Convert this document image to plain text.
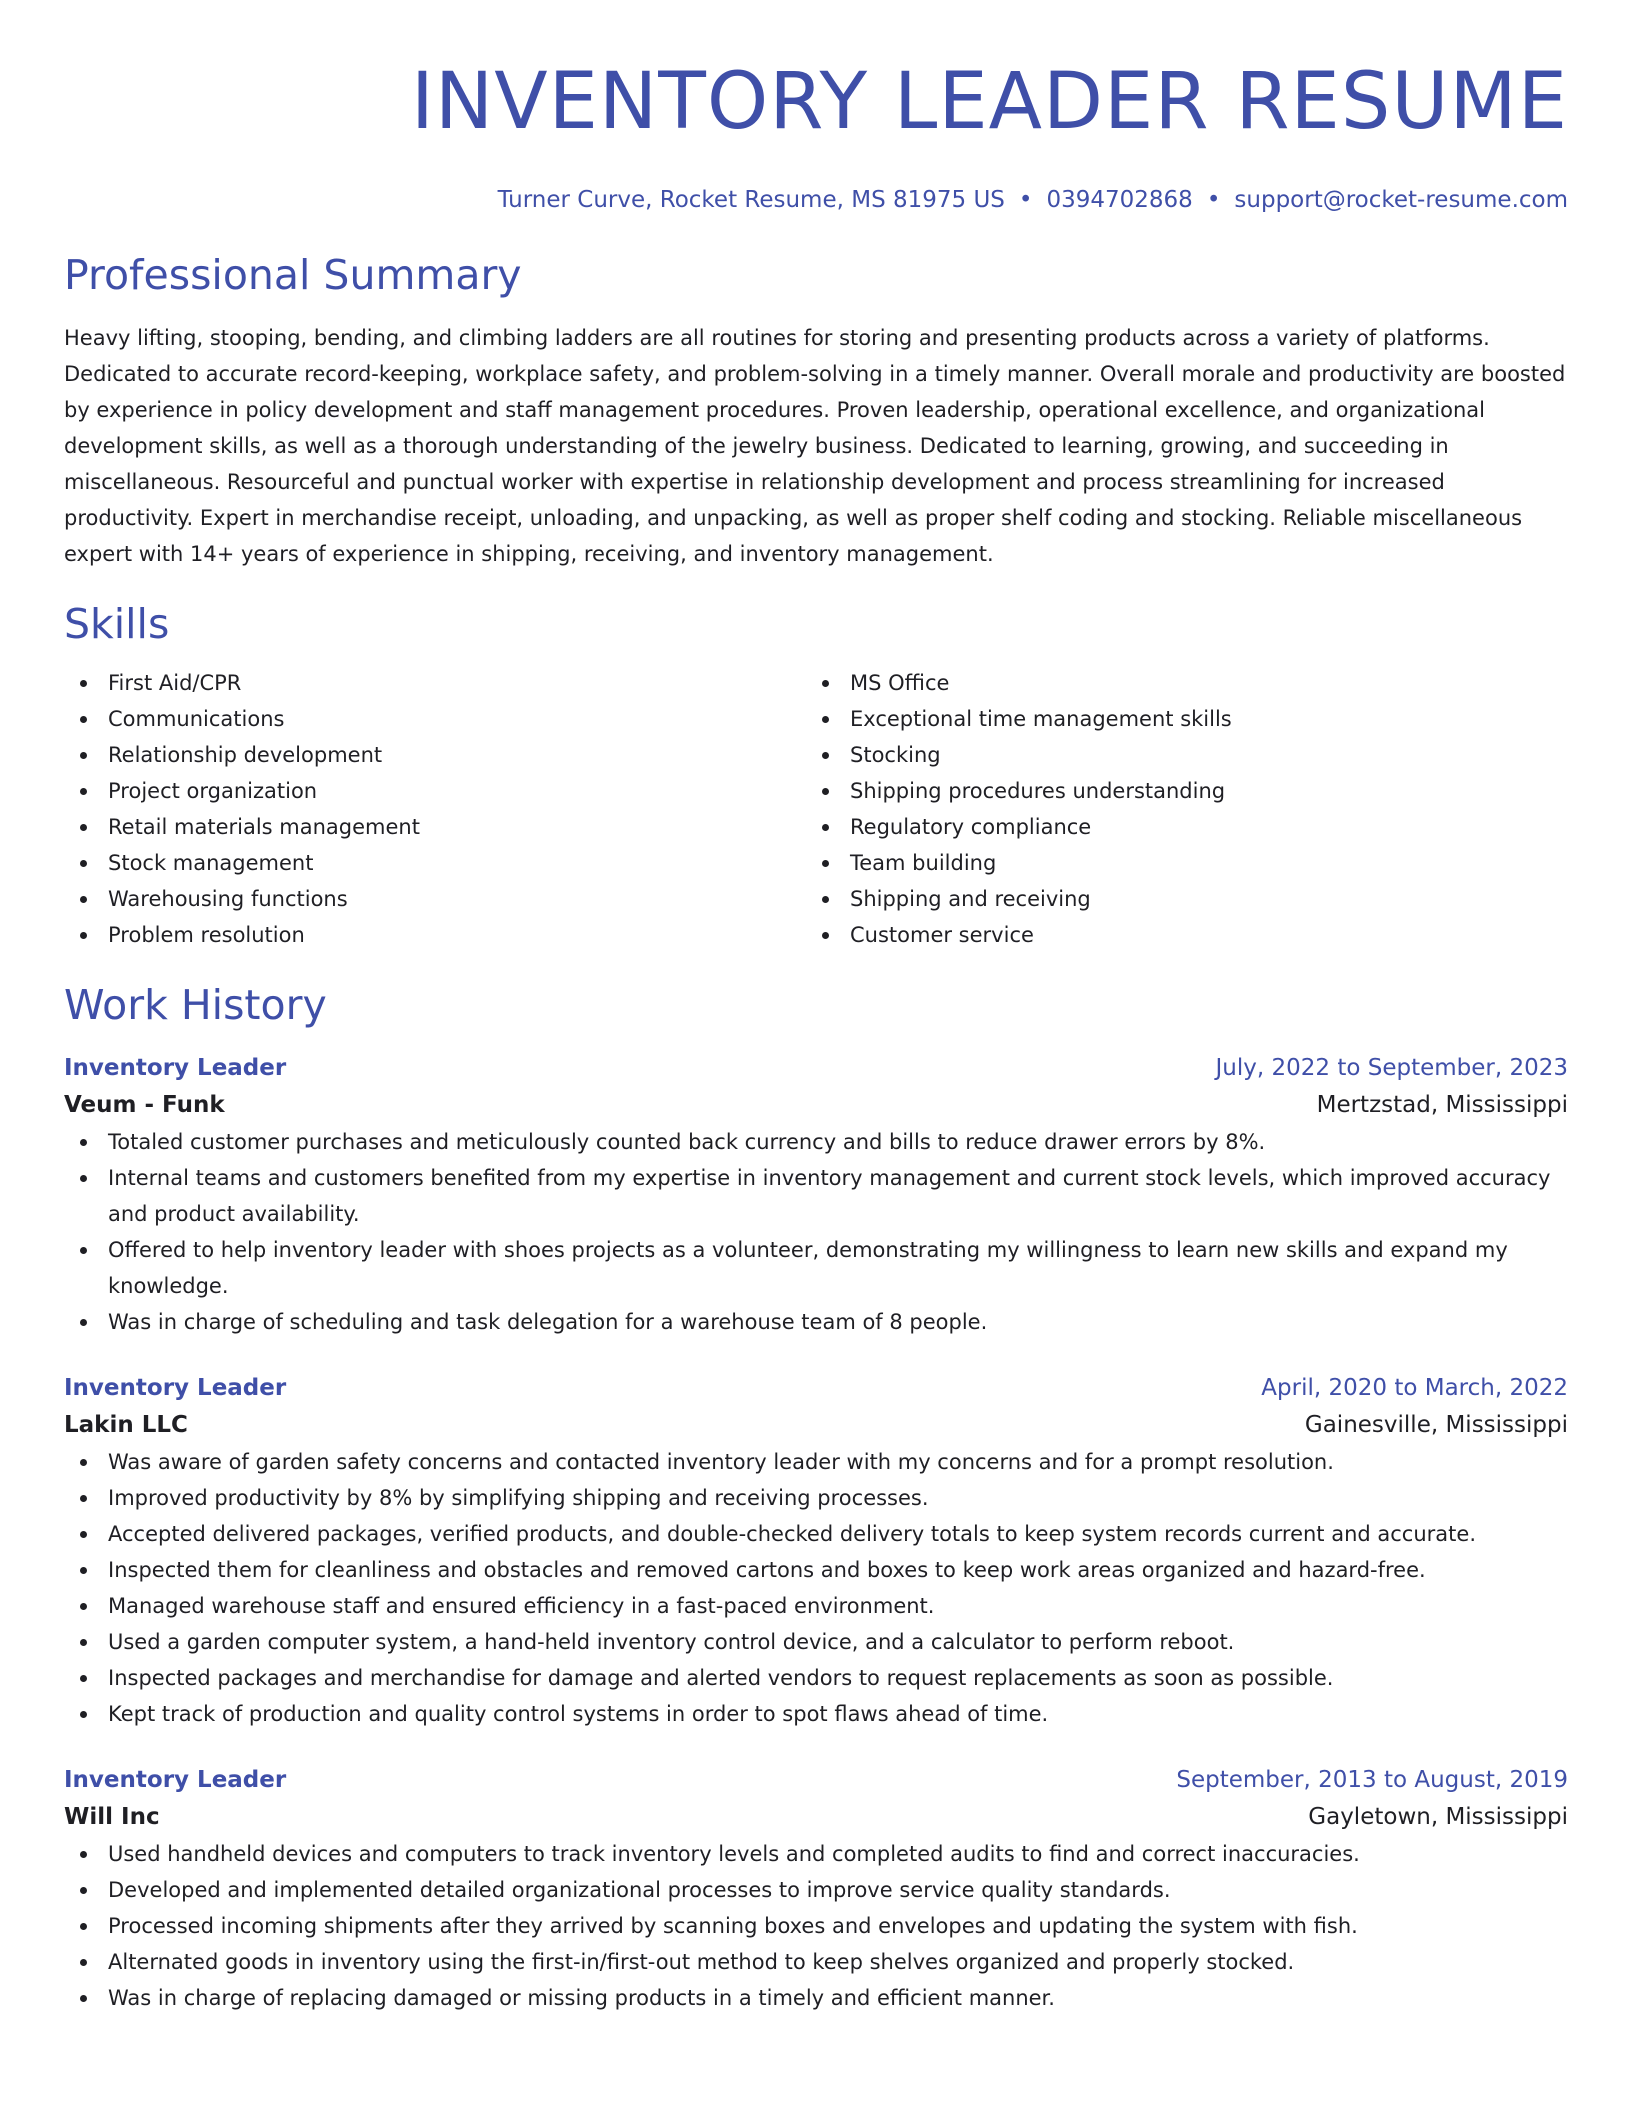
INVENTORY LEADER RESUME
Turner Curve, Rocket Resume, MS 81975 US • 0394702868 • support@rocket-resume.com
Professional Summary
Heavy lifting, stooping, bending, and climbing ladders are all routines for storing and presenting products across a variety of platforms. Dedicated to accurate record-keeping, workplace safety, and problem-solving in a timely manner. Overall morale and productivity are boosted by experience in policy development and staff management procedures. Proven leadership, operational excellence, and organizational development skills, as well as a thorough understanding of the jewelry business. Dedicated to learning, growing, and succeeding in miscellaneous. Resourceful and punctual worker with expertise in relationship development and process streamlining for increased productivity. Expert in merchandise receipt, unloading, and unpacking, as well as proper shelf coding and stocking. Reliable miscellaneous expert with 14+ years of experience in shipping, receiving, and inventory management.
Skills
First Aid/CPR
Communications
Relationship development
Project organization
Retail materials management
Stock management
Warehousing functions
Problem resolution
MS Office
Exceptional time management skills
Stocking
Shipping procedures understanding
Regulatory compliance
Team building
Shipping and receiving
Customer service
Work History
Inventory Leader	July, 2022 to September, 2023
Veum - Funk	Mertzstad, Mississippi
Totaled customer purchases and meticulously counted back currency and bills to reduce drawer errors by 8%.
Internal teams and customers benefited from my expertise in inventory management and current stock levels, which improved accuracy and product availability.
Offered to help inventory leader with shoes projects as a volunteer, demonstrating my willingness to learn new skills and expand my knowledge.
Was in charge of scheduling and task delegation for a warehouse team of 8 people.
Inventory Leader	April, 2020 to March, 2022
Lakin LLC	Gainesville, Mississippi
Was aware of garden safety concerns and contacted inventory leader with my concerns and for a prompt resolution.
Improved productivity by 8% by simplifying shipping and receiving processes.
Accepted delivered packages, verified products, and double-checked delivery totals to keep system records current and accurate.
Inspected them for cleanliness and obstacles and removed cartons and boxes to keep work areas organized and hazard-free.
Managed warehouse staff and ensured efficiency in a fast-paced environment.
Used a garden computer system, a hand-held inventory control device, and a calculator to perform reboot.
Inspected packages and merchandise for damage and alerted vendors to request replacements as soon as possible.
Kept track of production and quality control systems in order to spot flaws ahead of time.
Inventory Leader	September, 2013 to August, 2019
Will Inc	Gayletown, Mississippi
Used handheld devices and computers to track inventory levels and completed audits to find and correct inaccuracies.
Developed and implemented detailed organizational processes to improve service quality standards.
Processed incoming shipments after they arrived by scanning boxes and envelopes and updating the system with fish.
Alternated goods in inventory using the first-in/first-out method to keep shelves organized and properly stocked.
Was in charge of replacing damaged or missing products in a timely and efficient manner.
